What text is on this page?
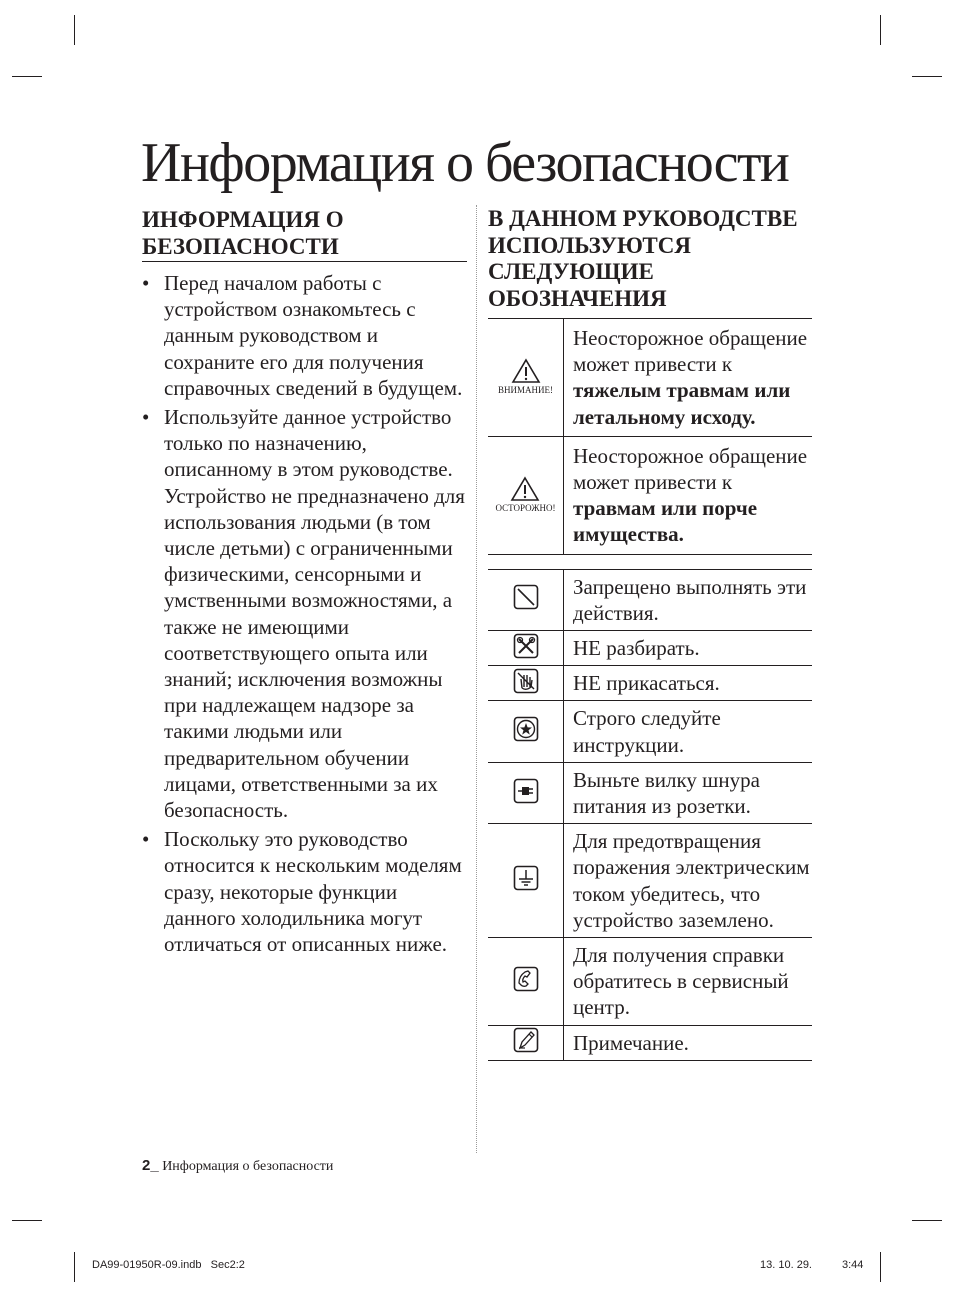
Информация о безопасности
ИНФОРМАЦИЯ О БЕЗОПАСНОСТИ
• Перед началом работы с устройством ознакомьтесь с данным руководством и сохраните его для получения справочных сведений в будущем.
• Используйте данное устройство только по назначению, описанному в этом руководстве. Устройство не предназначено для использования людьми (в том числе детьми) с ограниченными физическими, сенсорными и умственными возможностями, а также не имеющими соответствующего опыта или знаний; исключения возможны при надлежащем надзоре за такими людьми или предварительном обучении лицами, ответственными за их безопасность.
• Поскольку это руководство относится к нескольким моделям сразу, некоторые функции данного холодильника могут отличаться от описанных ниже.
В ДАННОМ РУКОВОДСТВЕ ИСПОЛЬЗУЮТСЯ СЛЕДУЮЩИЕ ОБОЗНАЧЕНИЯ
ВНИМАНИЕ!	Неосторожное обращение может привести к тяжелым травмам или летальному исходу.

ОСТОРОЖНО!	Неосторожное обращение может привести к травмам или порче имущества.

	Запрещено выполнять эти действия.
	НЕ разбирать.
	НЕ прикасаться.
	Строго следуйте инструкции.
	Выньте вилку шнура питания из розетки.
	Для предотвращения поражения электрическим током убедитесь, что устройство заземлено.
	Для получения справки обратитесь в сервисный центр.
	Примечание.
2_ Информация о безопасности
DA99-01950R-09.indb   Sec2:2	13. 10. 29.	3:44
